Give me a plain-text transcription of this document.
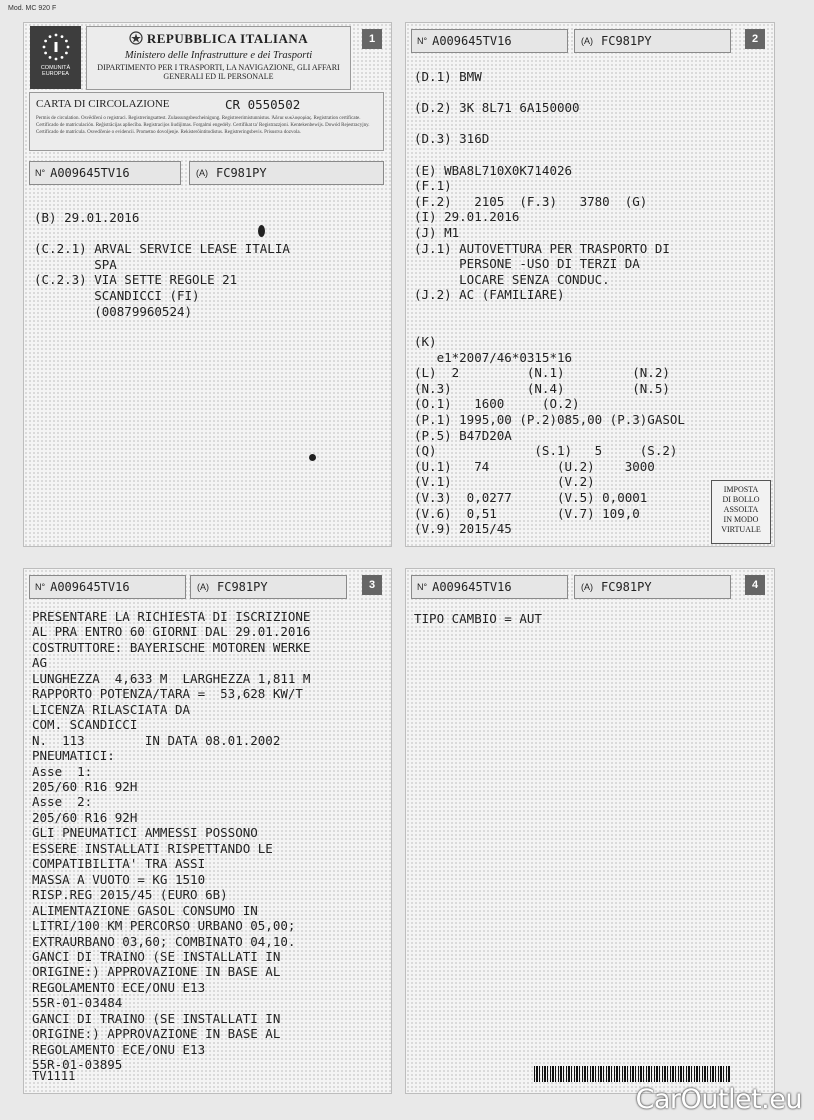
Mod. MC 920 F
COMUNITÀ EUROPEA
REPUBBLICA ITALIANA
Ministero delle Infrastrutture e dei Trasporti
DIPARTIMENTO PER I TRASPORTI, LA NAVIGAZIONE, GLI AFFARI GENERALI ED IL PERSONALE
1
CARTA DI CIRCOLAZIONE	CR 0550502
Permis de circulation. Osvědčení o registraci. Registreringsattest. Zulassungsbescheinigung. Registreerimistunnistus. Άδεια κυκλοφορίας. Registration certificate. Certificado de matriculación. Reģistrācijas apliecība. Registracijos liudijimas. Forgalmi engedély. Certifikat ta' Registrazzjoni. Kentekenbewijs. Dowód Rejestracyjny. Certificado de matrícula. Osvedčenie o evidencii. Prometno dovoljenje. Rekisteröintitodistus. Registreringsbevis. Prisustva dozvola.
N° A009645TV16	(A) FC981PY
(B) 29.01.2016

(C.2.1) ARVAL SERVICE LEASE ITALIA
SPA
(C.2.3) VIA SETTE REGOLE 21
SCANDICCI (FI)
(00879960524)
N° A009645TV16	(A) FC981PY	2
(D.1) BMW

(D.2) 3K 8L71 6A150000

(D.3) 316D

(E) WBA8L710X0K714026
(F.1)
(F.2)   2105  (F.3)   3780  (G)
(I) 29.01.2016
(J) M1
(J.1) AUTOVETTURA PER TRASPORTO DI
PERSONE -USO DI TERZI DA
LOCARE SENZA CONDUC.
(J.2) AC (FAMILIARE)

(K)
e1*2007/46*0315*16
(L)  2         (N.1)         (N.2)
(N.3)          (N.4)         (N.5)
(O.1)   1600     (O.2)
(P.1) 1995,00 (P.2)085,00 (P.3)GASOL
(P.5) B47D20A
(Q)             (S.1)   5     (S.2)
(U.1)   74         (U.2)    3000
(V.1)              (V.2)
(V.3)  0,0277      (V.5) 0,0001
(V.6)  0,51        (V.7) 109,0
(V.9) 2015/45
IMPOSTA
DI BOLLO
ASSOLTA
IN MODO
VIRTUALE
N° A009645TV16	(A) FC981PY	3
PRESENTARE LA RICHIESTA DI ISCRIZIONE
AL PRA ENTRO 60 GIORNI DAL 29.01.2016
COSTRUTTORE: BAYERISCHE MOTOREN WERKE
AG
LUNGHEZZA  4,633 M  LARGHEZZA 1,811 M
RAPPORTO POTENZA/TARA =  53,628 KW/T
LICENZA RILASCIATA DA
COM. SCANDICCI
N.  113        IN DATA 08.01.2002
PNEUMATICI:
Asse  1:
205/60 R16 92H
Asse  2:
205/60 R16 92H
GLI PNEUMATICI AMMESSI POSSONO
ESSERE INSTALLATI RISPETTANDO LE
COMPATIBILITA' TRA ASSI
MASSA A VUOTO = KG 1510
RISP.REG 2015/45 (EURO 6B)
ALIMENTAZIONE GASOL CONSUMO IN
LITRI/100 KM PERCORSO URBANO 05,00;
EXTRAURBANO 03,60; COMBINATO 04,10.
GANCI DI TRAINO (SE INSTALLATI IN
ORIGINE:) APPROVAZIONE IN BASE AL
REGOLAMENTO ECE/ONU E13
55R-01-03484
GANCI DI TRAINO (SE INSTALLATI IN
ORIGINE:) APPROVAZIONE IN BASE AL
REGOLAMENTO ECE/ONU E13
55R-01-03895
TV1111
N° A009645TV16	(A) FC981PY	4
TIPO CAMBIO = AUT
CarOutlet.eu
